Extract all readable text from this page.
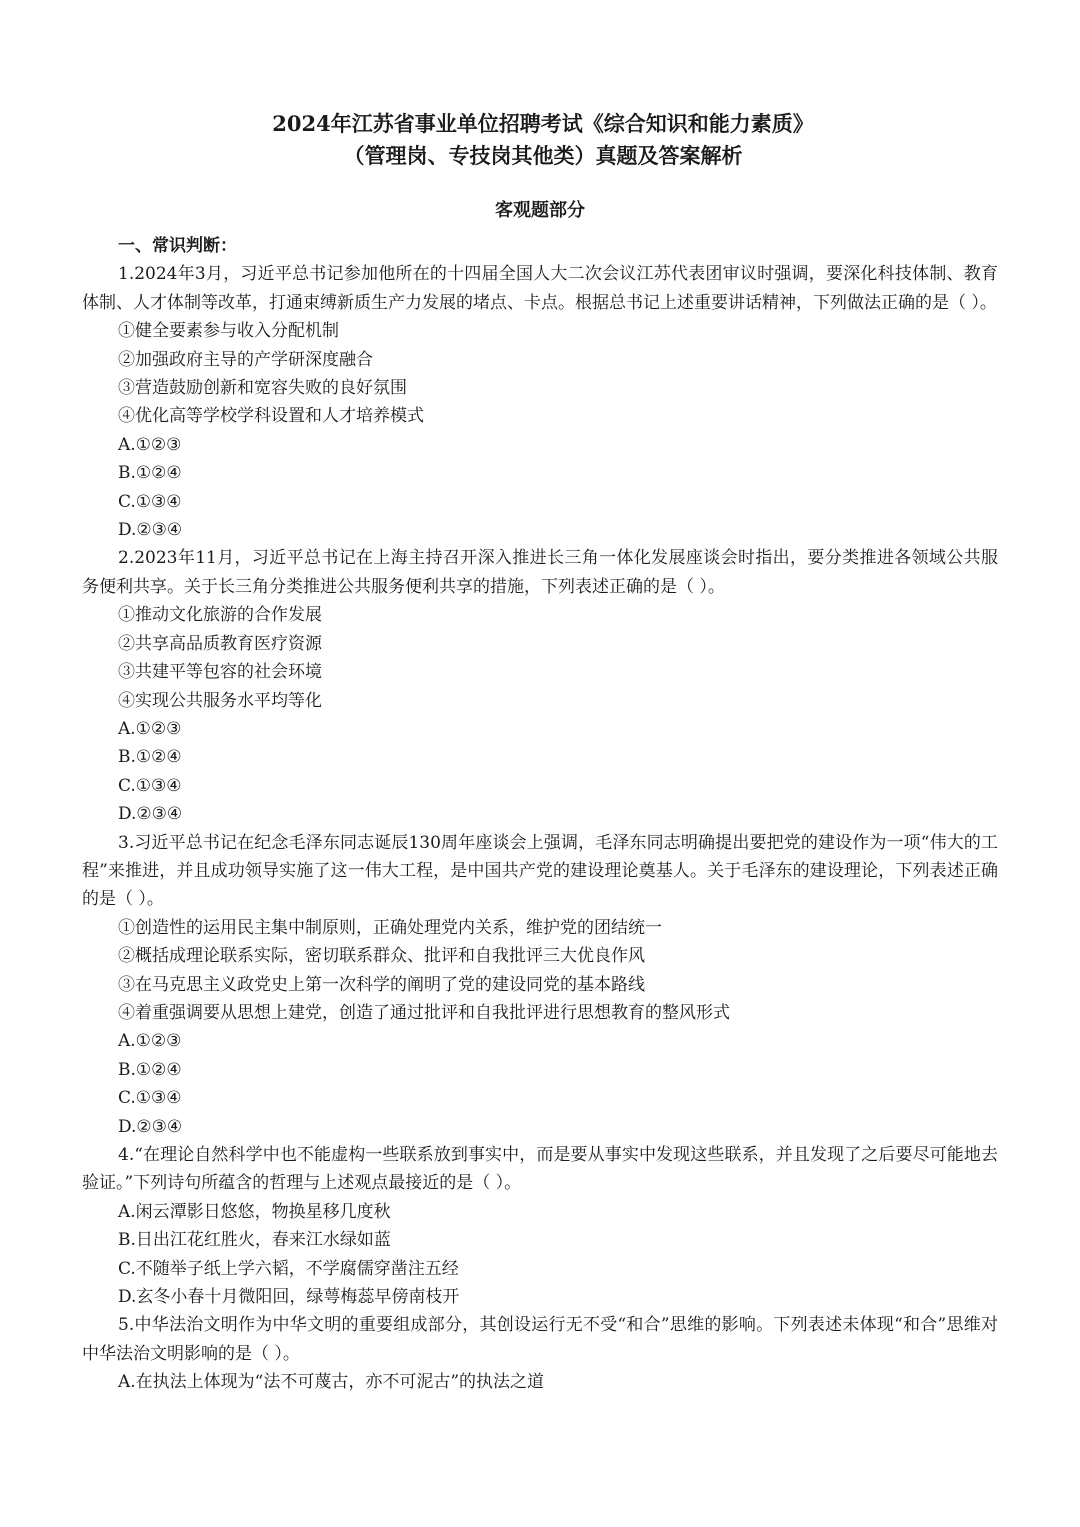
2024年江苏省事业单位招聘考试《综合知识和能力素质》
（管理岗、专技岗其他类）真题及答案解析
客观题部分
一、常识判断：

1.2024年3月，习近平总书记参加他所在的十四届全国人大二次会议江苏代表团审议时强调，要深化科技体制、教育体制、人才体制等改革，打通束缚新质生产力发展的堵点、卡点。根据总书记上述重要讲话精神，下列做法正确的是（ ）。

①健全要素参与收入分配机制
②加强政府主导的产学研深度融合
③营造鼓励创新和宽容失败的良好氛围
④优化高等学校学科设置和人才培养模式
A.①②③
B.①②④
C.①③④
D.②③④

2.2023年11月，习近平总书记在上海主持召开深入推进长三角一体化发展座谈会时指出，要分类推进各领域公共服务便利共享。关于长三角分类推进公共服务便利共享的措施，下列表述正确的是（ ）。

①推动文化旅游的合作发展
②共享高品质教育医疗资源
③共建平等包容的社会环境
④实现公共服务水平均等化
A.①②③
B.①②④
C.①③④
D.②③④

3.习近平总书记在纪念毛泽东同志诞辰130周年座谈会上强调，毛泽东同志明确提出要把党的建设作为一项“伟大的工程”来推进，并且成功领导实施了这一伟大工程，是中国共产党的建设理论奠基人。关于毛泽东的建设理论，下列表述正确的是（ ）。

①创造性的运用民主集中制原则，正确处理党内关系，维护党的团结统一
②概括成理论联系实际，密切联系群众、批评和自我批评三大优良作风
③在马克思主义政党史上第一次科学的阐明了党的建设同党的基本路线
④着重强调要从思想上建党，创造了通过批评和自我批评进行思想教育的整风形式
A.①②③
B.①②④
C.①③④
D.②③④

4.“在理论自然科学中也不能虚构一些联系放到事实中，而是要从事实中发现这些联系，并且发现了之后要尽可能地去验证。”下列诗句所蕴含的哲理与上述观点最接近的是（ ）。

A.闲云潭影日悠悠，物换星移几度秋
B.日出江花红胜火，春来江水绿如蓝
C.不随举子纸上学六韬，不学腐儒穿凿注五经
D.玄冬小春十月微阳回，绿萼梅蕊早傍南枝开

5.中华法治文明作为中华文明的重要组成部分，其创设运行无不受“和合”思维的影响。下列表述未体现“和合”思维对中华法治文明影响的是（ ）。

A.在执法上体现为“法不可蔑古，亦不可泥古”的执法之道
